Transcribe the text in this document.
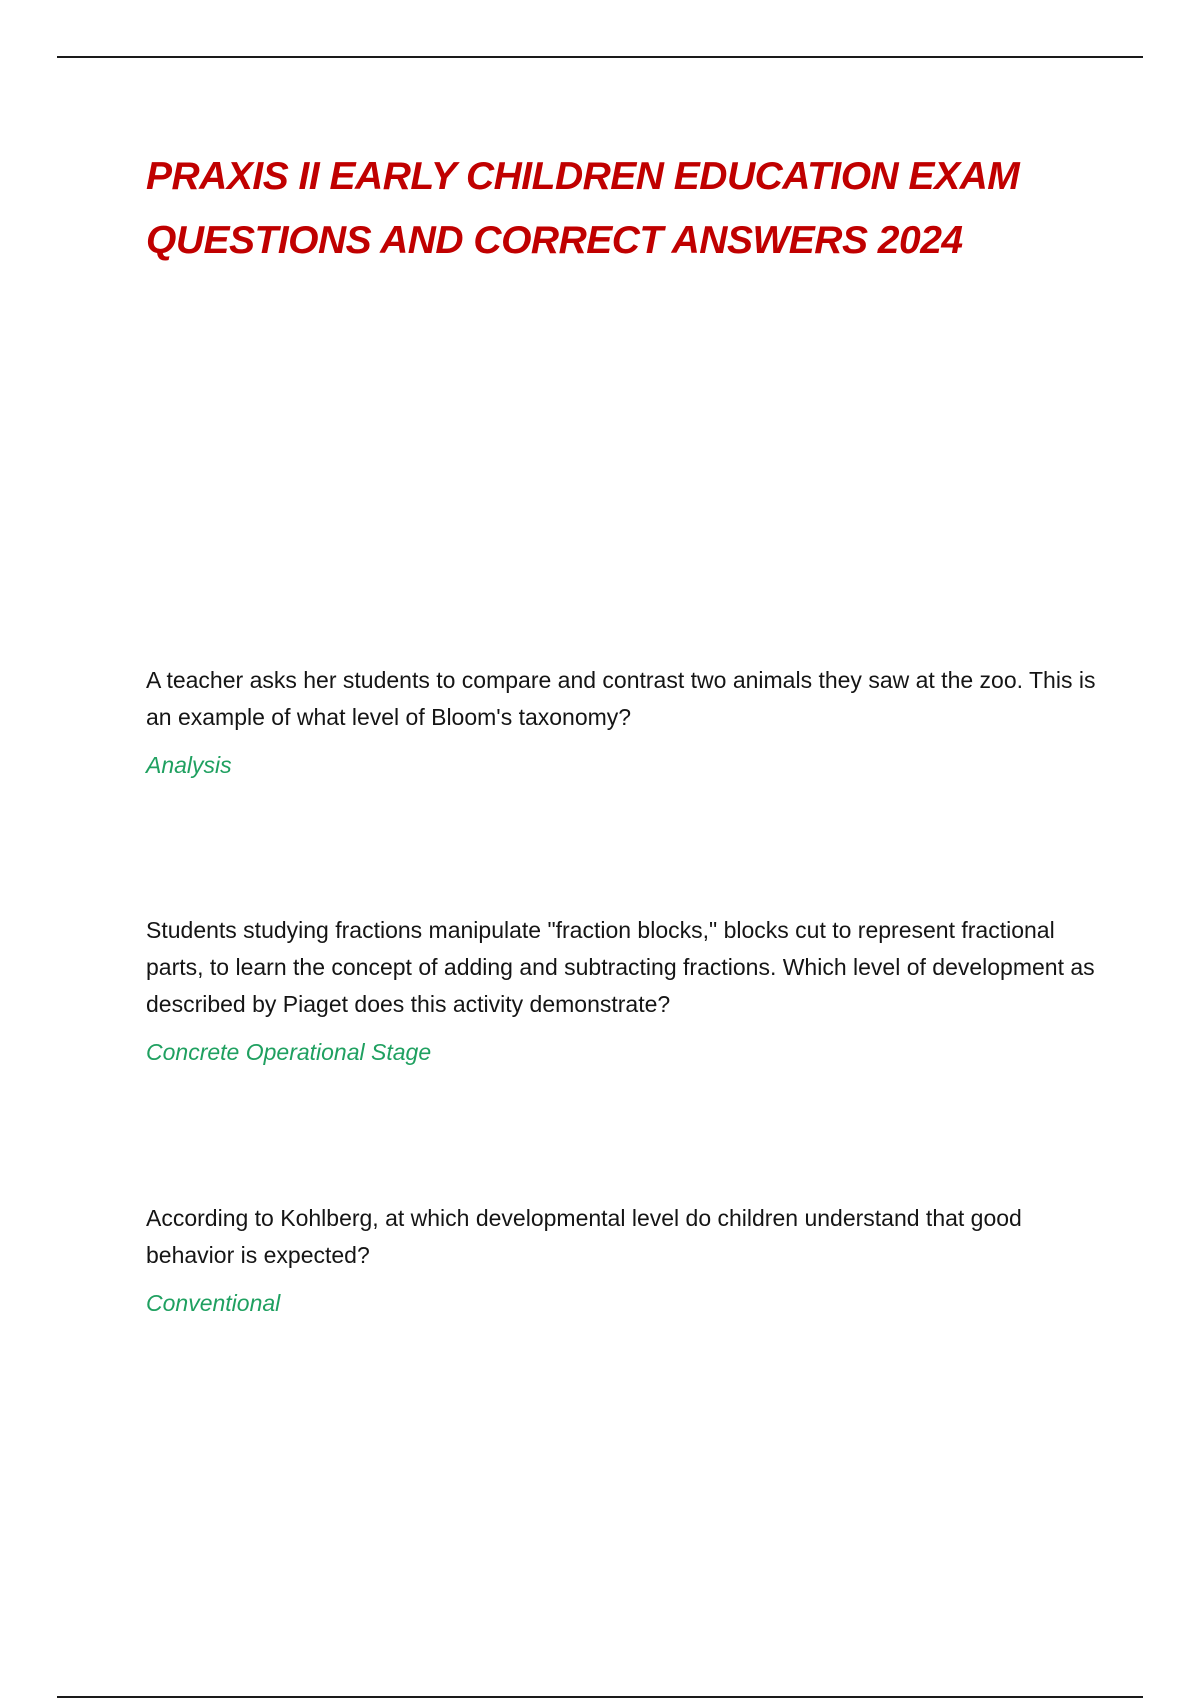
PRAXIS II EARLY CHILDREN EDUCATION EXAM
QUESTIONS AND CORRECT ANSWERS 2024

A teacher asks her students to compare and contrast two animals they saw at the zoo. This is an example of what level of Bloom's taxonomy?

Analysis

Students studying fractions manipulate "fraction blocks," blocks cut to represent fractional parts, to learn the concept of adding and subtracting fractions. Which level of development as described by Piaget does this activity demonstrate?

Concrete Operational Stage

According to Kohlberg, at which developmental level do children understand that good behavior is expected?

Conventional
